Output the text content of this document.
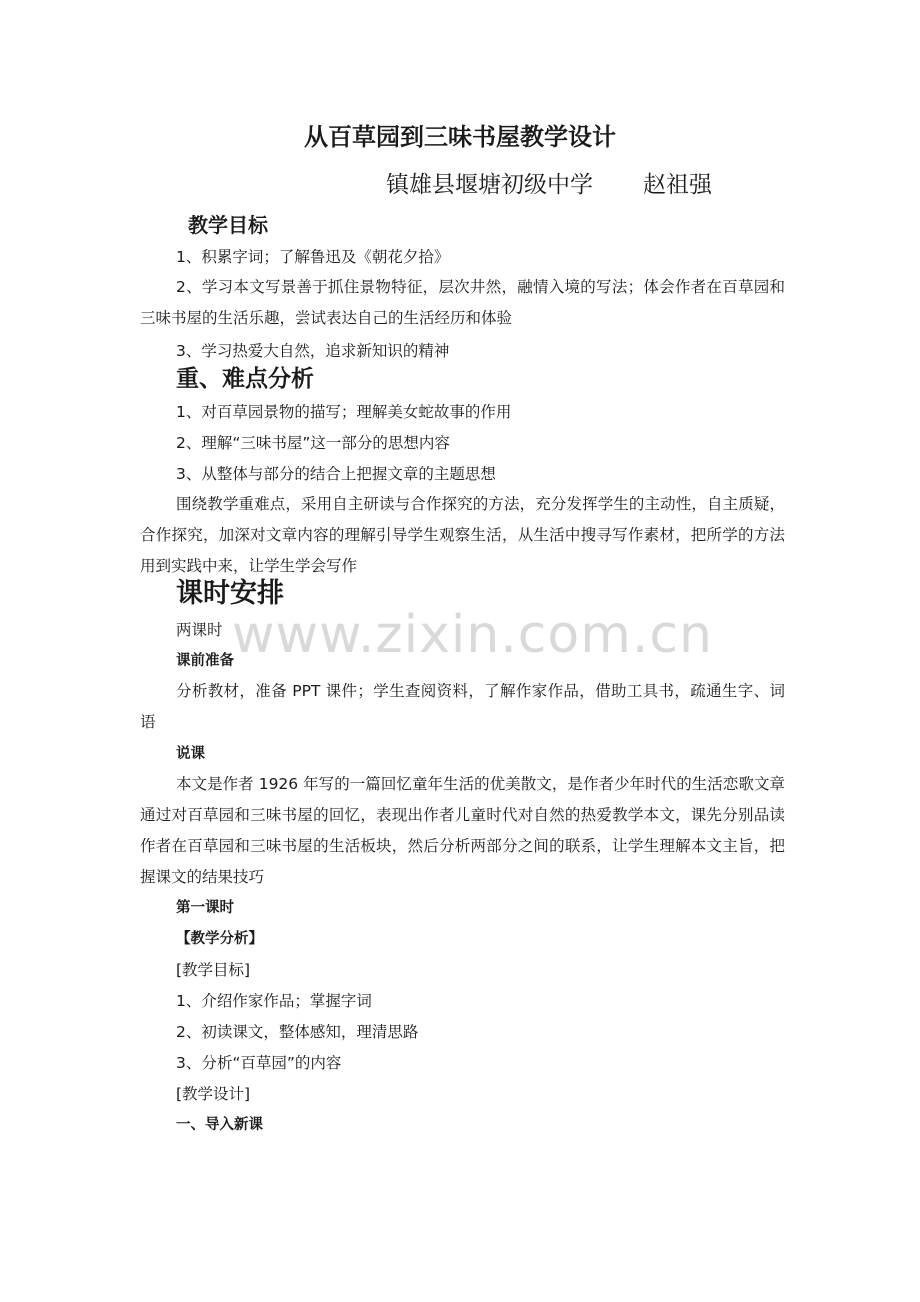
从百草园到三味书屋教学设计
镇雄县堰塘初级中学 赵祖强
教学目标
1、积累字词；了解鲁迅及《朝花夕拾》
2、学习本文写景善于抓住景物特征，层次井然，融情入境的写法；体会作者在百草园和三味书屋的生活乐趣，尝试表达自己的生活经历和体验
3、学习热爱大自然，追求新知识的精神
重、难点分析
1、对百草园景物的描写；理解美女蛇故事的作用
2、理解“三味书屋”这一部分的思想内容
3、从整体与部分的结合上把握文章的主题思想
围绕教学重难点，采用自主研读与合作探究的方法，充分发挥学生的主动性，自主质疑，合作探究，加深对文章内容的理解引导学生观察生活，从生活中搜寻写作素材，把所学的方法用到实践中来，让学生学会写作
课时安排
两课时
课前准备
分析教材，准备 PPT 课件；学生查阅资料，了解作家作品，借助工具书，疏通生字、词语
说课
本文是作者 1926 年写的一篇回忆童年生活的优美散文，是作者少年时代的生活恋歌文章通过对百草园和三味书屋的回忆，表现出作者儿童时代对自然的热爱教学本文，课先分别品读作者在百草园和三味书屋的生活板块，然后分析两部分之间的联系，让学生理解本文主旨，把握课文的结果技巧
第一课时
【教学分析】
[教学目标]
1、介绍作家作品；掌握字词
2、初读课文，整体感知，理清思路
3、分析“百草园”的内容
[教学设计]
一、导入新课
www.zixin.com.cn
